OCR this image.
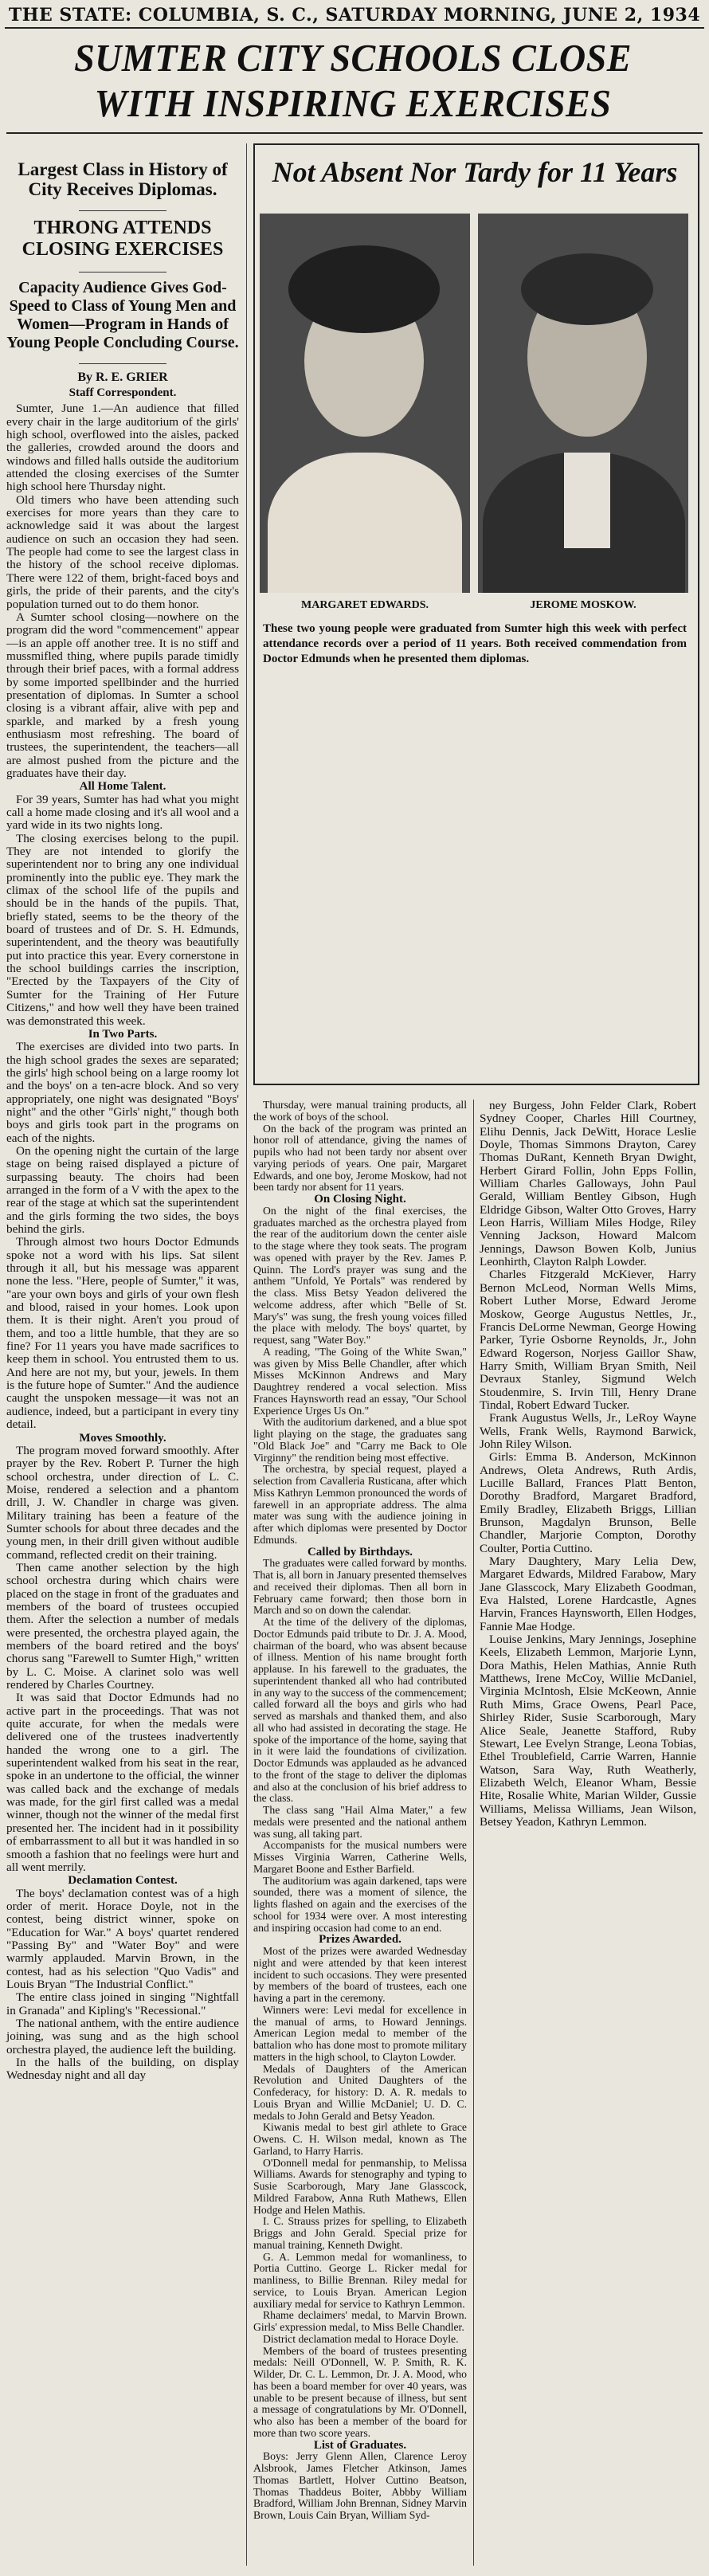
THE STATE: COLUMBIA, S. C., SATURDAY MORNING, JUNE 2, 1934
SUMTER CITY SCHOOLS CLOSE
WITH INSPIRING EXERCISES
Largest Class in History of City Receives Diplomas.
THRONG ATTENDS CLOSING EXERCISES
Capacity Audience Gives God-Speed to Class of Young Men and Women—Program in Hands of Young People Concluding Course.
By R. E. GRIER
Staff Correspondent.

Sumter, June 1.—An audience that filled every chair in the large auditorium of the girls' high school, overflowed into the aisles, packed the galleries, crowded around the doors and windows and filled halls outside the auditorium attended the closing exercises of the Sumter high school here Thursday night.

Old timers who have been attending such exercises for more years than they care to acknowledge said it was about the largest audience on such an occasion they had seen. The people had come to see the largest class in the history of the school receive diplomas. There were 122 of them, bright-faced boys and girls, the pride of their parents, and the city's population turned out to do them honor.

A Sumter school closing—nowhere on the program did the word "commencement" appear—is an apple off another tree. It is no stiff and mussmifled thing, where pupils parade timidly through their brief paces, with a formal address by some imported spellbinder and the hurried presentation of diplomas. In Sumter a school closing is a vibrant affair, alive with pep and sparkle, and marked by a fresh young enthusiasm most refreshing. The board of trustees, the superintendent, the teachers—all are almost pushed from the picture and the graduates have their day.

All Home Talent.

For 39 years, Sumter has had what you might call a home made closing and it's all wool and a yard wide in its two nights long.

The closing exercises belong to the pupil. They are not intended to glorify the superintendent nor to bring any one individual prominently into the public eye. They mark the climax of the school life of the pupils and should be in the hands of the pupils. That, briefly stated, seems to be the theory of the board of trustees and of Dr. S. H. Edmunds, superintendent, and the theory was beautifully put into practice this year. Every cornerstone in the school buildings carries the inscription, "Erected by the Taxpayers of the City of Sumter for the Training of Her Future Citizens," and how well they have been trained was demonstrated this week.

In Two Parts.

The exercises are divided into two parts. In the high school grades the sexes are separated; the girls' high school being on a large roomy lot and the boys' on a ten-acre block. And so very appropriately, one night was designated "Boys' night" and the other "Girls' night," though both boys and girls took part in the programs on each of the nights.

On the opening night the curtain of the large stage on being raised displayed a picture of surpassing beauty. The choirs had been arranged in the form of a V with the apex to the rear of the stage at which sat the superintendent and the girls forming the two sides, the boys behind the girls.

Through almost two hours Doctor Edmunds spoke not a word with his lips. Sat silent through it all, but his message was apparent none the less. "Here, people of Sumter," it was, "are your own boys and girls of your own flesh and blood, raised in your homes. Look upon them. It is their night. Aren't you proud of them, and too a little humble, that they are so fine? For 11 years you have made sacrifices to keep them in school. You entrusted them to us. And here are not my, but your, jewels. In them is the future hope of Sumter." And the audience caught the unspoken message—it was not an audience, indeed, but a participant in every tiny detail.

Moves Smoothly.

The program moved forward smoothly. After prayer by the Rev. Robert P. Turner the high school orchestra, under direction of L. C. Moise, rendered a selection and a phantom drill, J. W. Chandler in charge was given. Military training has been a feature of the Sumter schools for about three decades and the young men, in their drill given without audible command, reflected credit on their training.

Then came another selection by the high school orchestra during which chairs were placed on the stage in front of the graduates and members of the board of trustees occupied them. After the selection a number of medals were presented, the orchestra played again, the members of the board retired and the boys' chorus sang "Farewell to Sumter High," written by L. C. Moise. A clarinet solo was well rendered by Charles Courtney.

It was said that Doctor Edmunds had no active part in the proceedings. That was not quite accurate, for when the medals were delivered one of the trustees inadvertently handed the wrong one to a girl. The superintendent walked from his seat in the rear, spoke in an undertone to the official, the winner was called back and the exchange of medals was made, for the girl first called was a medal winner, though not the winner of the medal first presented her. The incident had in it possibility of embarrassment to all but it was handled in so smooth a fashion that no feelings were hurt and all went merrily.

Declamation Contest.

The boys' declamation contest was of a high order of merit. Horace Doyle, not in the contest, being district winner, spoke on "Education for War." A boys' quartet rendered "Passing By" and "Water Boy" and were warmly applauded. Marvin Brown, in the contest, had as his selection "Quo Vadis" and Louis Bryan "The Industrial Conflict."

The entire class joined in singing "Nightfall in Granada" and Kipling's "Recessional."

The national anthem, with the entire audience joining, was sung and as the high school orchestra played, the audience left the building.

In the halls of the building, on display Wednesday night and all day

Not Absent Nor Tardy for 11 Years
MARGARET EDWARDS.	JEROME MOSKOW.
These two young people were graduated from Sumter high this week with perfect attendance records over a period of 11 years. Both received commendation from Doctor Edmunds when he presented them diplomas.

Thursday, were manual training products, all the work of boys of the school.

On the back of the program was printed an honor roll of attendance, giving the names of pupils who had not been tardy nor absent over varying periods of years. One pair, Margaret Edwards, and one boy, Jerome Moskow, had not been tardy nor absent for 11 years.

On Closing Night.

On the night of the final exercises, the graduates marched as the orchestra played from the rear of the auditorium down the center aisle to the stage where they took seats. The program was opened with prayer by the Rev. James P. Quinn. The Lord's prayer was sung and the anthem "Unfold, Ye Portals" was rendered by the class. Miss Betsy Yeadon delivered the welcome address, after which "Belle of St. Mary's" was sung, the fresh young voices filled the place with melody. The boys' quartet, by request, sang "Water Boy."

A reading, "The Going of the White Swan," was given by Miss Belle Chandler, after which Misses McKinnon Andrews and Mary Daughtrey rendered a vocal selection. Miss Frances Haynsworth read an essay, "Our School Experience Urges Us On."

With the auditorium darkened, and a blue spot light playing on the stage, the graduates sang "Old Black Joe" and "Carry me Back to Ole Virginny" the rendition being most effective.

The orchestra, by special request, played a selection from Cavalleria Rusticana, after which Miss Kathryn Lemmon pronounced the words of farewell in an appropriate address. The alma mater was sung with the audience joining in after which diplomas were presented by Doctor Edmunds.

Called by Birthdays.

The graduates were called forward by months. That is, all born in January presented themselves and received their diplomas. Then all born in February came forward; then those born in March and so on down the calendar.

At the time of the delivery of the diplomas, Doctor Edmunds paid tribute to Dr. J. A. Mood, chairman of the board, who was absent because of illness. Mention of his name brought forth applause. In his farewell to the graduates, the superintendent thanked all who had contributed in any way to the success of the commencement; called forward all the boys and girls who had served as marshals and thanked them, and also all who had assisted in decorating the stage. He spoke of the importance of the home, saying that in it were laid the foundations of civilization. Doctor Edmunds was applauded as he advanced to the front of the stage to deliver the diplomas and also at the conclusion of his brief address to the class.

The class sang "Hail Alma Mater," a few medals were presented and the national anthem was sung, all taking part.

Accompanists for the musical numbers were Misses Virginia Warren, Catherine Wells, Margaret Boone and Esther Barfield.

The auditorium was again darkened, taps were sounded, there was a moment of silence, the lights flashed on again and the exercises of the school for 1934 were over. A most interesting and inspiring occasion had come to an end.

Prizes Awarded.

Most of the prizes were awarded Wednesday night and were attended by that keen interest incident to such occasions. They were presented by members of the board of trustees, each one having a part in the ceremony.

Winners were: Levi medal for excellence in the manual of arms, to Howard Jennings. American Legion medal to member of the battalion who has done most to promote military matters in the high school, to Clayton Lowder.

Medals of Daughters of the American Revolution and United Daughters of the Confederacy, for history: D. A. R. medals to Louis Bryan and Willie McDaniel; U. D. C. medals to John Gerald and Betsy Yeadon.

Kiwanis medal to best girl athlete to Grace Owens. C. H. Wilson medal, known as The Garland, to Harry Harris.

O'Donnell medal for penmanship, to Melissa Williams. Awards for stenography and typing to Susie Scarborough, Mary Jane Glasscock, Mildred Farabow, Anna Ruth Mathews, Ellen Hodge and Helen Mathis.

I. C. Strauss prizes for spelling, to Elizabeth Briggs and John Gerald. Special prize for manual training, Kenneth Dwight.

G. A. Lemmon medal for womanliness, to Portia Cuttino. George L. Ricker medal for manliness, to Billie Brennan. Riley medal for service, to Louis Bryan. American Legion auxiliary medal for service to Kathryn Lemmon.

Rhame declaimers' medal, to Marvin Brown. Girls' expression medal, to Miss Belle Chandler.

District declamation medal to Horace Doyle.

Members of the board of trustees presenting medals: Neill O'Donnell, W. P. Smith, R. K. Wilder, Dr. C. L. Lemmon, Dr. J. A. Mood, who has been a board member for over 40 years, was unable to be present because of illness, but sent a message of congratulations by Mr. O'Donnell, who also has been a member of the board for more than two score years.

List of Graduates.

Boys: Jerry Glenn Allen, Clarence Leroy Alsbrook, James Fletcher Atkinson, James Thomas Bartlett, Holver Cuttino Beatson, Thomas Thaddeus Boiter, Abbby William Bradford, William John Brennan, Sidney Marvin Brown, Louis Cain Bryan, William Syd-

ney Burgess, John Felder Clark, Robert Sydney Cooper, Charles Hill Courtney, Elihu Dennis, Jack DeWitt, Horace Leslie Doyle, Thomas Simmons Drayton, Carey Thomas DuRant, Kenneth Bryan Dwight, Herbert Girard Follin, John Epps Follin, William Charles Galloways, John Paul Gerald, William Bentley Gibson, Hugh Eldridge Gibson, Walter Otto Groves, Harry Leon Harris, William Miles Hodge, Riley Venning Jackson, Howard Malcom Jennings, Dawson Bowen Kolb, Junius Leonhirth, Clayton Ralph Lowder.

Charles Fitzgerald McKiever, Harry Bernon McLeod, Norman Wells Mims, Robert Luther Morse, Edward Jerome Moskow, George Augustus Nettles, Jr., Francis DeLorme Newman, George Howing Parker, Tyrie Osborne Reynolds, Jr., John Edward Rogerson, Norjess Gaillor Shaw, Harry Smith, William Bryan Smith, Neil Devraux Stanley, Sigmund Welch Stoudenmire, S. Irvin Till, Henry Drane Tindal, Robert Edward Tucker.

Frank Augustus Wells, Jr., LeRoy Wayne Wells, Frank Wells, Raymond Barwick, John Riley Wilson.

Girls: Emma B. Anderson, McKinnon Andrews, Oleta Andrews, Ruth Ardis, Lucille Ballard, Frances Platt Benton, Dorothy Bradford, Margaret Bradford, Emily Bradley, Elizabeth Briggs, Lillian Brunson, Magdalyn Brunson, Belle Chandler, Marjorie Compton, Dorothy Coulter, Portia Cuttino.

Mary Daughtery, Mary Lelia Dew, Margaret Edwards, Mildred Farabow, Mary Jane Glasscock, Mary Elizabeth Goodman, Eva Halsted, Lorene Hardcastle, Agnes Harvin, Frances Haynsworth, Ellen Hodges, Fannie Mae Hodge.

Louise Jenkins, Mary Jennings, Josephine Keels, Elizabeth Lemmon, Marjorie Lynn, Dora Mathis, Helen Mathias, Annie Ruth Matthews, Irene McCoy, Willie McDaniel, Virginia McIntosh, Elsie McKeown, Annie Ruth Mims, Grace Owens, Pearl Pace, Shirley Rider, Susie Scarborough, Mary Alice Seale, Jeanette Stafford, Ruby Stewart, Lee Evelyn Strange, Leona Tobias, Ethel Troublefield, Carrie Warren, Hannie Watson, Sara Way, Ruth Weatherly, Elizabeth Welch, Eleanor Wham, Bessie Hite, Rosalie White, Marian Wilder, Gussie Williams, Melissa Williams, Jean Wilson, Betsey Yeadon, Kathryn Lemmon.
